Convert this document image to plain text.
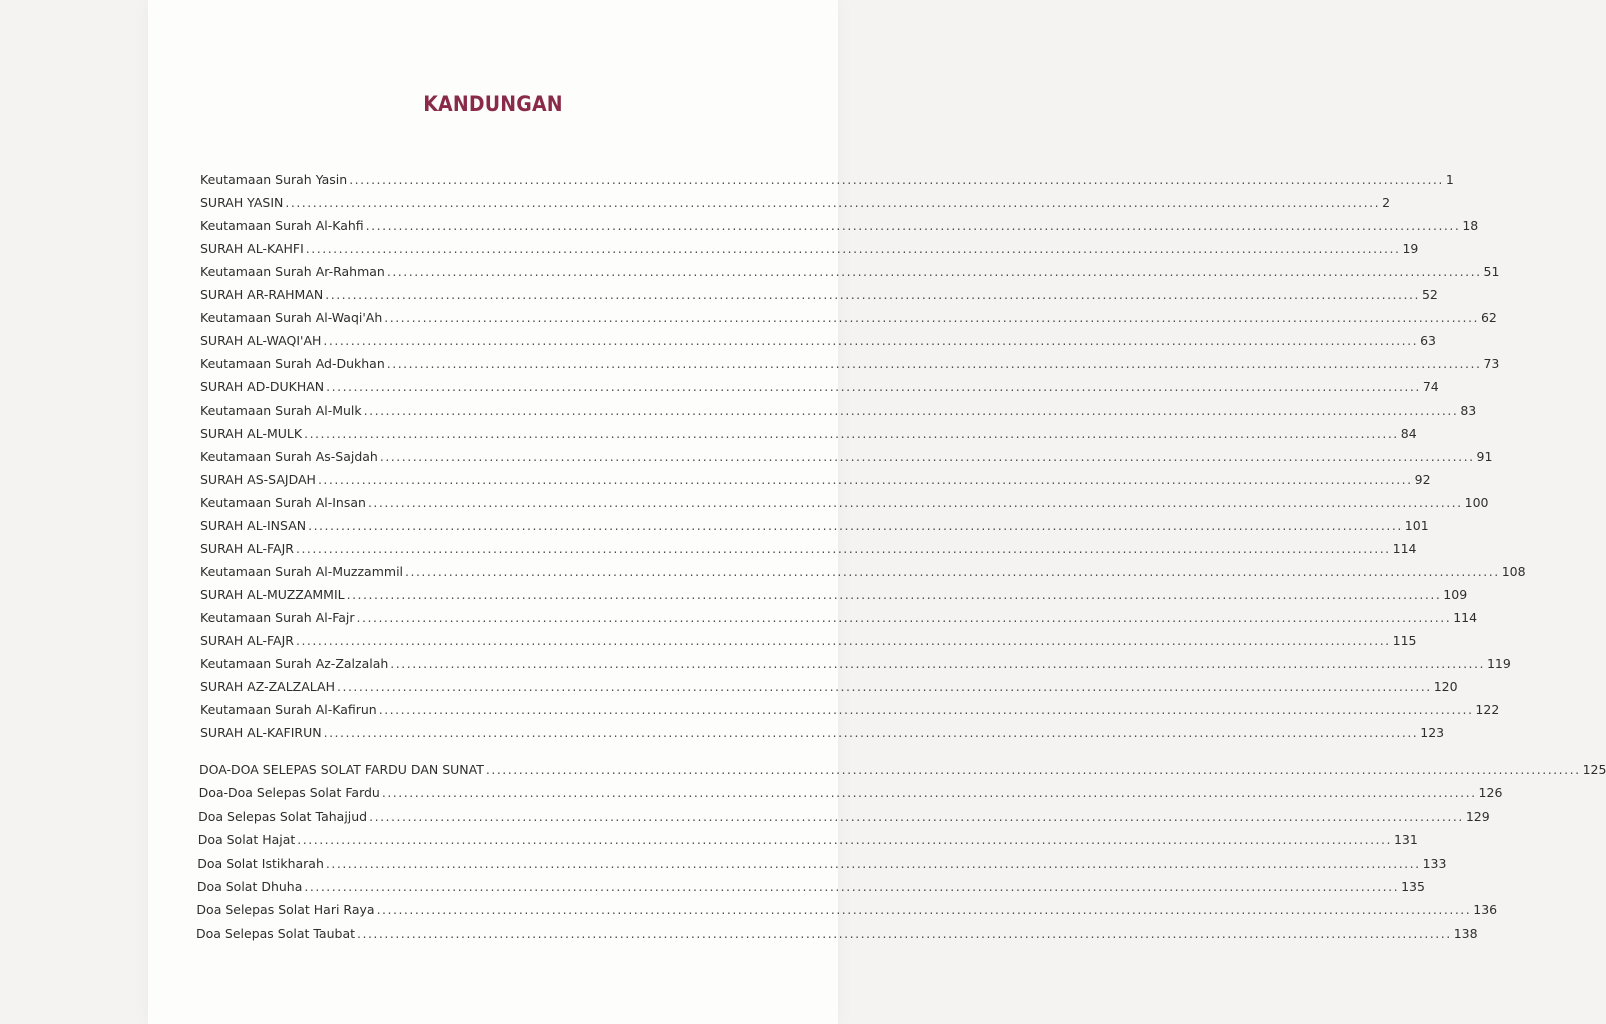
KANDUNGAN
Keutamaan Surah Yasin ........................................................................................................................................................................................................ 1
SURAH YASIN ........................................................................................................................................................................................................ 2
Keutamaan Surah Al-Kahfi ........................................................................................................................................................................................................ 18
SURAH AL-KAHFI ........................................................................................................................................................................................................ 19
Keutamaan Surah Ar-Rahman ........................................................................................................................................................................................................ 51
SURAH AR-RAHMAN ........................................................................................................................................................................................................ 52
Keutamaan Surah Al-Waqi'Ah ........................................................................................................................................................................................................ 62
SURAH AL-WAQI'AH ........................................................................................................................................................................................................ 63
Keutamaan Surah Ad-Dukhan ........................................................................................................................................................................................................ 73
SURAH AD-DUKHAN ........................................................................................................................................................................................................ 74
Keutamaan Surah Al-Mulk ........................................................................................................................................................................................................ 83
SURAH AL-MULK ........................................................................................................................................................................................................ 84
Keutamaan Surah As-Sajdah ........................................................................................................................................................................................................ 91
SURAH AS-SAJDAH ........................................................................................................................................................................................................ 92
Keutamaan Surah Al-Insan ........................................................................................................................................................................................................ 100
SURAH AL-INSAN ........................................................................................................................................................................................................ 101
SURAH AL-FAJR ........................................................................................................................................................................................................ 114
Keutamaan Surah Al-Muzzammil ........................................................................................................................................................................................................ 108
SURAH AL-MUZZAMMIL ........................................................................................................................................................................................................ 109
Keutamaan Surah Al-Fajr ........................................................................................................................................................................................................ 114
SURAH AL-FAJR ........................................................................................................................................................................................................ 115
Keutamaan Surah Az-Zalzalah ........................................................................................................................................................................................................ 119
SURAH AZ-ZALZALAH ........................................................................................................................................................................................................ 120
Keutamaan Surah Al-Kafirun ........................................................................................................................................................................................................ 122
SURAH AL-KAFIRUN ........................................................................................................................................................................................................ 123
DOA-DOA SELEPAS SOLAT FARDU DAN SUNAT ........................................................................................................................................................................................................ 125
Doa-Doa Selepas Solat Fardu ........................................................................................................................................................................................................ 126
Doa Selepas Solat Tahajjud ........................................................................................................................................................................................................ 129
Doa Solat Hajat ........................................................................................................................................................................................................ 131
Doa Solat Istikharah ........................................................................................................................................................................................................ 133
Doa Solat Dhuha ........................................................................................................................................................................................................ 135
Doa Selepas Solat Hari Raya ........................................................................................................................................................................................................ 136
Doa Selepas Solat Taubat ........................................................................................................................................................................................................ 138
